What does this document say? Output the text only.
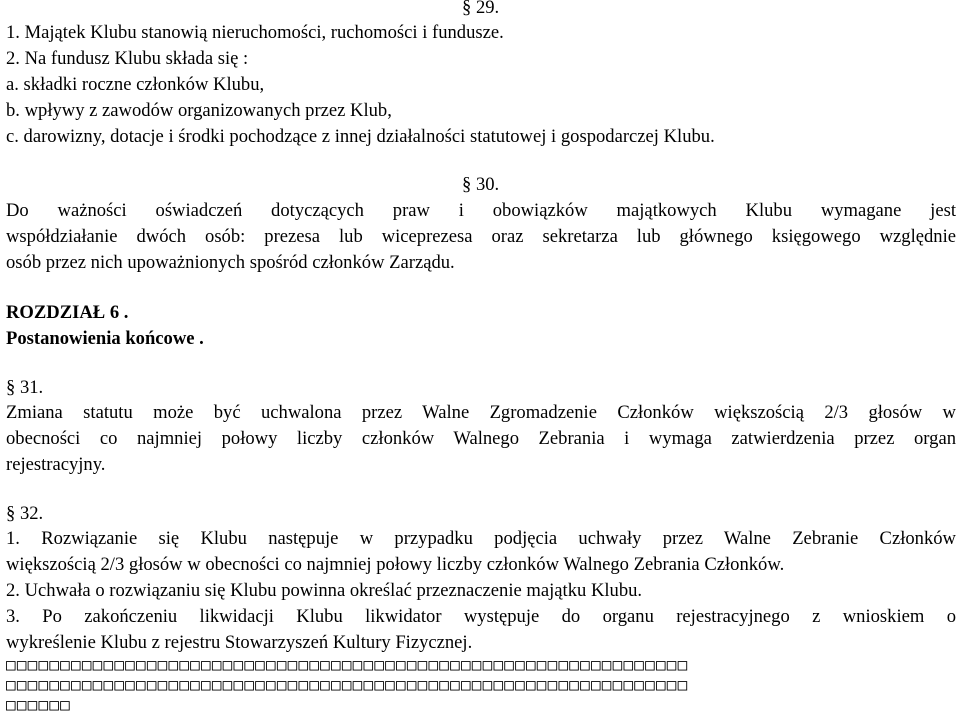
§ 29.
1. Majątek Klubu stanowią nieruchomości, ruchomości i fundusze.
2. Na fundusz Klubu składa się :
a. składki roczne członków Klubu,
b. wpływy z zawodów organizowanych przez Klub,
c. darowizny, dotacje i środki pochodzące z innej działalności statutowej i gospodarczej Klubu.
§ 30.
Do ważności oświadczeń dotyczących praw i obowiązków majątkowych Klubu wymagane jest
współdziałanie dwóch osób: prezesa lub wiceprezesa oraz sekretarza lub głównego księgowego względnie
osób przez nich upoważnionych spośród członków Zarządu.
ROZDZIAŁ 6 .
Postanowienia końcowe .
§ 31.
Zmiana statutu może być uchwalona przez Walne Zgromadzenie Członków większością 2/3 głosów w
obecności co najmniej połowy liczby członków Walnego Zebrania i wymaga zatwierdzenia przez organ
rejestracyjny.
§ 32.
1. Rozwiązanie się Klubu następuje w przypadku podjęcia uchwały przez Walne Zebranie Członków
większością 2/3 głosów w obecności co najmniej połowy liczby członków Walnego Zebrania Członków.
2. Uchwała o rozwiązaniu się Klubu powinna określać przeznaczenie majątku Klubu.
3. Po zakończeniu likwidacji Klubu likwidator występuje do organu rejestracyjnego z wnioskiem o
wykreślenie Klubu z rejestru Stowarzyszeń Kultury Fizycznej.
□□□□□□□□□□□□□□□□□□□□□□□□□□□□□□□□□□□□□□□□□□□□□□□□□□□□□□□□□□□□□□□
□□□□□□□□□□□□□□□□□□□□□□□□□□□□□□□□□□□□□□□□□□□□□□□□□□□□□□□□□□□□□□□
□□□□□□
